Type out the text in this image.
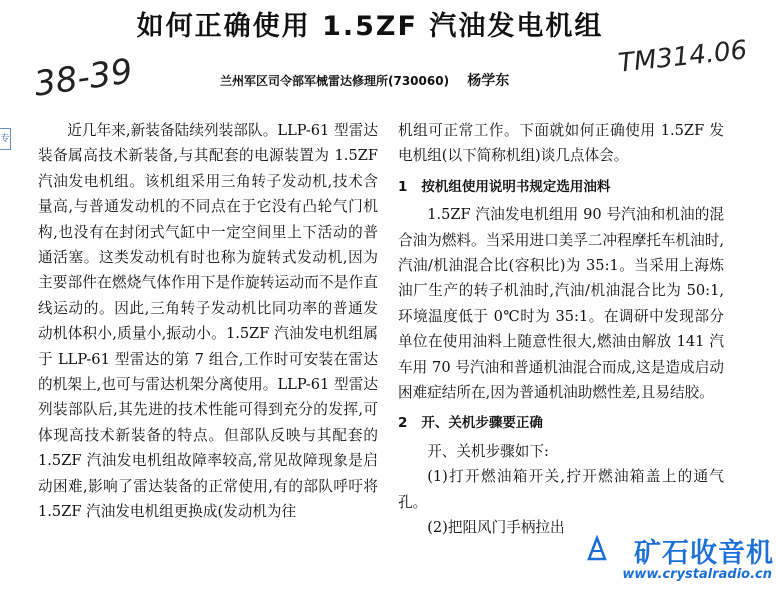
如何正确使用 1.5ZF 汽油发电机组
38-39	TM314.06
兰州军区司令部军械雷达修理所(730060) 杨学东
专	近几年来,新装备陆续列装部队。LLP-61 型雷达装备属高技术新装备,与其配套的电源装置为 1.5ZF 汽油发电机组。该机组采用三角转子发动机,技术含量高,与普通发动机的不同点在于它没有凸轮气门机构,也没有在封闭式气缸中一定空间里上下活动的普通活塞。这类发动机有时也称为旋转式发动机,因为主要部件在燃烧气体作用下是作旋转运动而不是作直线运动的。因此,三角转子发动机比同功率的普通发动机体积小,质量小,振动小。1.5ZF 汽油发电机组属于 LLP-61 型雷达的第 7 组合,工作时可安装在雷达的机架上,也可与雷达机架分离使用。LLP-61 型雷达列装部队后,其先进的技术性能可得到充分的发挥,可体现高技术新装备的特点。但部队反映与其配套的 1.5ZF 汽油发电机组故障率较高,常见故障现象是启动困难,影响了雷达装备的正常使用,有的部队呼吁将 1.5ZF 汽油发电机组更换成(发动机为往

机组可正常工作。下面就如何正确使用 1.5ZF 发电机组(以下简称机组)谈几点体会。

1 按机组使用说明书规定选用油料

1.5ZF 汽油发电机组用 90 号汽油和机油的混合油为燃料。当采用进口美孚二冲程摩托车机油时,汽油/机油混合比(容积比)为 35:1。当采用上海炼油厂生产的转子机油时,汽油/机油混合比为 50:1,环境温度低于 0℃时为 35:1。在调研中发现部分单位在使用油料上随意性很大,燃油由解放 141 汽车用 70 号汽油和普通机油混合而成,这是造成启动困难症结所在,因为普通机油助燃性差,且易结胶。

2 开、关机步骤要正确

开、关机步骤如下:

(1)打开燃油箱开关,拧开燃油箱盖上的通气孔。

(2)把阻风门手柄拉出

矿石收音机
www.crystalradio.cn
